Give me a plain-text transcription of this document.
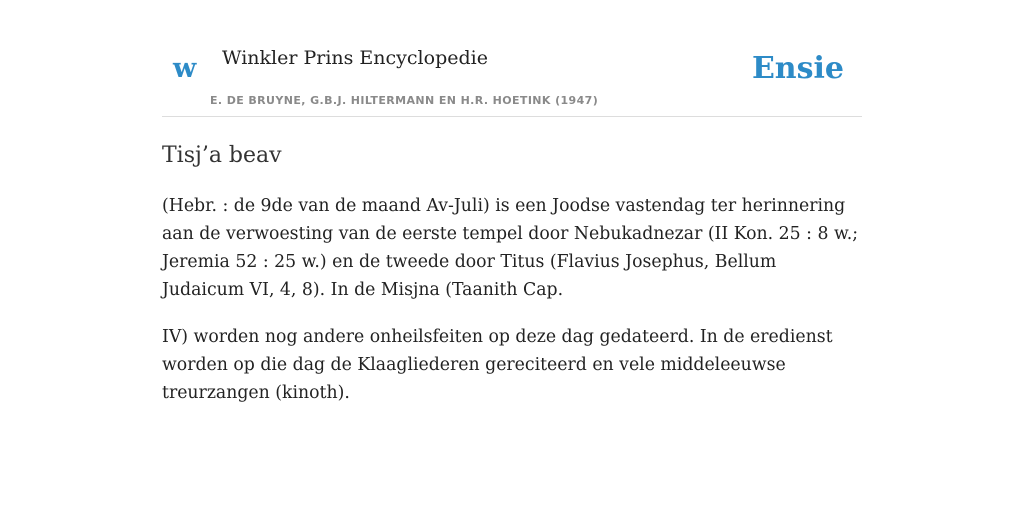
w Winkler Prins Encyclopedie
E. DE BRUYNE, G.B.J. HILTERMANN EN H.R. HOETINK (1947)
Ensie
Tisj’a beav

(Hebr. : de 9de van de maand Av-Juli) is een Joodse vastendag ter herinnering aan de verwoesting van de eerste tempel door Nebukadnezar (II Kon. 25 : 8 w.; Jeremia 52 : 25 w.) en de tweede door Titus (Flavius Josephus, Bellum Judaicum VI, 4, 8). In de Misjna (Taanith Cap.

IV) worden nog andere onheilsfeiten op deze dag gedateerd. In de eredienst worden op die dag de Klaagliederen gereciteerd en vele middeleeuwse treurzangen (kinoth).
